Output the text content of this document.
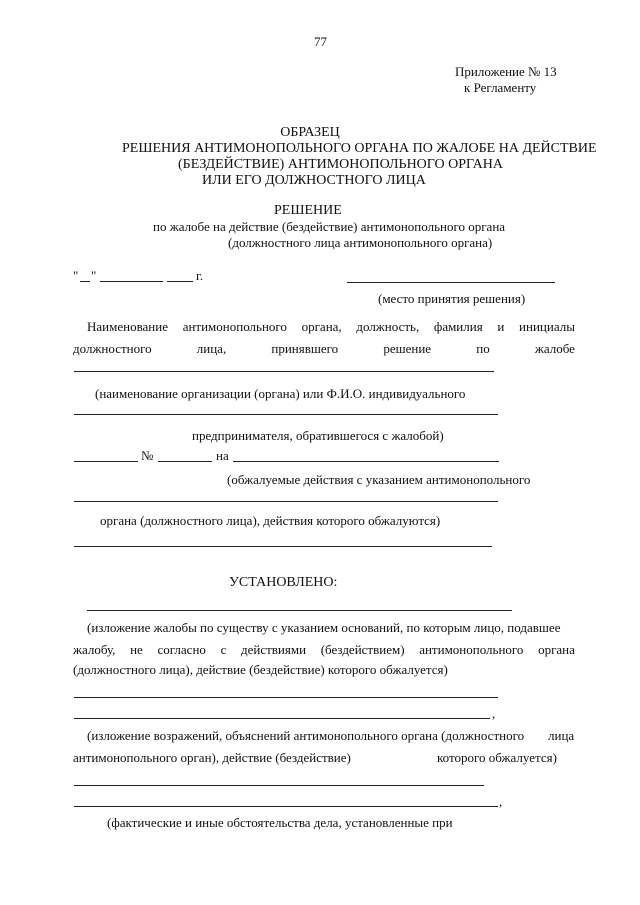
77
Приложение № 13
к Регламенту
ОБРАЗЕЦ
РЕШЕНИЯ АНТИМОНОПОЛЬНОГО ОРГАНА ПО ЖАЛОБЕ НА ДЕЙСТВИЕ
(БЕЗДЕЙСТВИЕ) АНТИМОНОПОЛЬНОГО ОРГАНА
ИЛИ ЕГО ДОЛЖНОСТНОГО ЛИЦА
РЕШЕНИЕ
по жалобе на действие (бездействие) антимонопольного органа
(должностного лица антимонопольного органа)
" "	г.
(место принятия решения)
Наименование антимонопольного органа, должность, фамилия и инициалы
должностного	лица,	принявшего	решение	по	жалобе
(наименование организации (органа) или Ф.И.О. индивидуального
предпринимателя, обратившегося с жалобой)
№	на
(обжалуемые действия с указанием антимонопольного
органа (должностного лица), действия которого обжалуются)
УСТАНОВЛЕНО:
(изложение жалобы по существу с указанием оснований, по которым лицо, подавшее
жалобу, не согласно с действиями (бездействием) антимонопольного органа
(должностного лица), действие (бездействие) которого обжалуется)
,
(изложение возражений, объяснений антимонопольного органа (должностного лица
антимонопольного орган), действие (бездействие)	которого обжалуется)
,
(фактические и иные обстоятельства дела, установленные при
